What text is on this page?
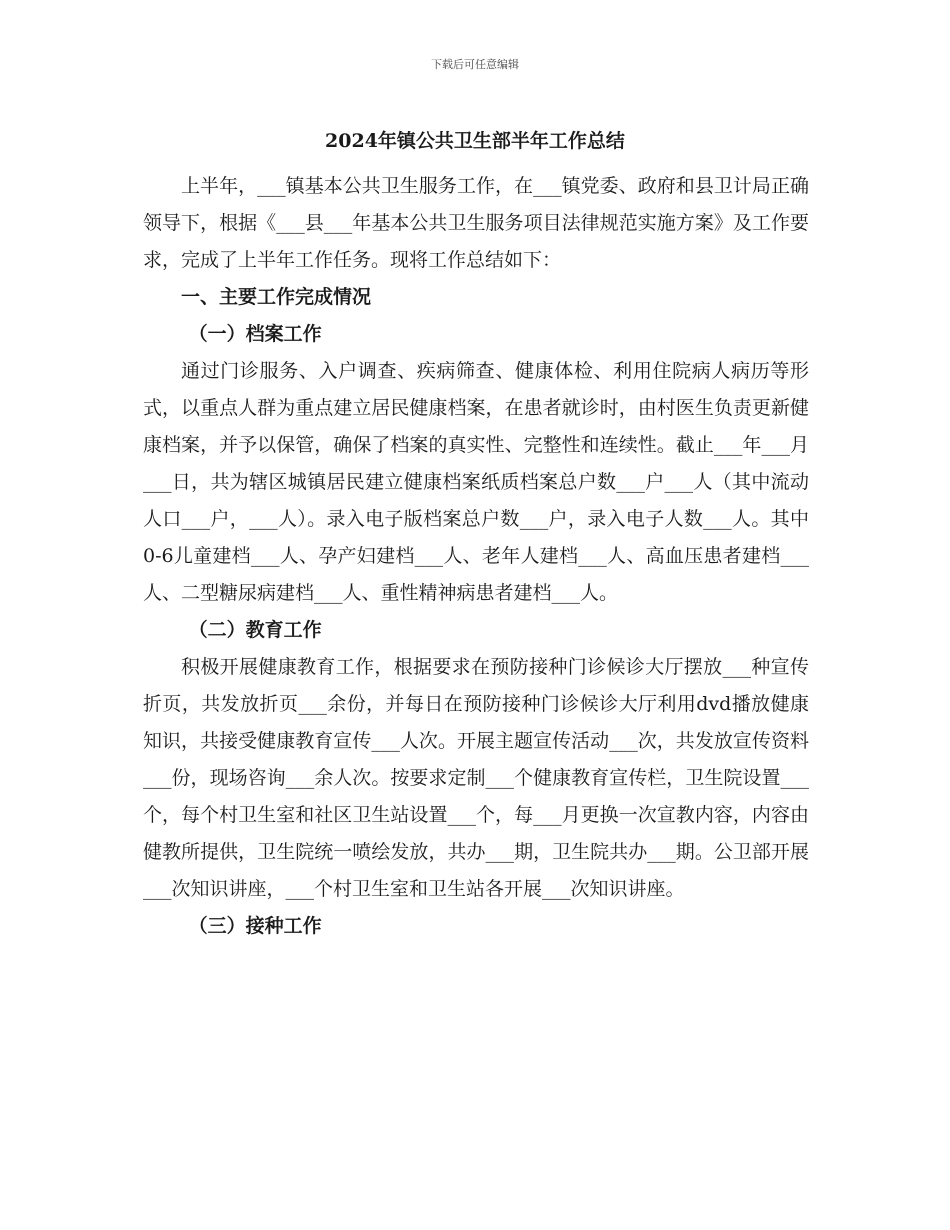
下载后可任意编辑
2024年镇公共卫生部半年工作总结

上半年，___镇基本公共卫生服务工作，在___镇党委、政府和县卫计局正确领导下，根据《___县___年基本公共卫生服务项目法律规范实施方案》及工作要求，完成了上半年工作任务。现将工作总结如下：

一、主要工作完成情况
（一）档案工作

通过门诊服务、入户调查、疾病筛查、健康体检、利用住院病人病历等形式，以重点人群为重点建立居民健康档案，在患者就诊时，由村医生负责更新健康档案，并予以保管，确保了档案的真实性、完整性和连续性。截止___年___月___日，共为辖区城镇居民建立健康档案纸质档案总户数___户___人（其中流动人口___户，___人）。录入电子版档案总户数___户，录入电子人数___人。其中0-6儿童建档___人、孕产妇建档___人、老年人建档___人、高血压患者建档___人、二型糖尿病建档___人、重性精神病患者建档___人。

（二）教育工作

积极开展健康教育工作，根据要求在预防接种门诊候诊大厅摆放___种宣传折页，共发放折页___余份，并每日在预防接种门诊候诊大厅利用dvd播放健康知识，共接受健康教育宣传___人次。开展主题宣传活动___次，共发放宣传资料___份，现场咨询___余人次。按要求定制___个健康教育宣传栏，卫生院设置___个，每个村卫生室和社区卫生站设置___个，每___月更换一次宣教内容，内容由健教所提供，卫生院统一喷绘发放，共办___期，卫生院共办___期。公卫部开展___次知识讲座，___个村卫生室和卫生站各开展___次知识讲座。

（三）接种工作
